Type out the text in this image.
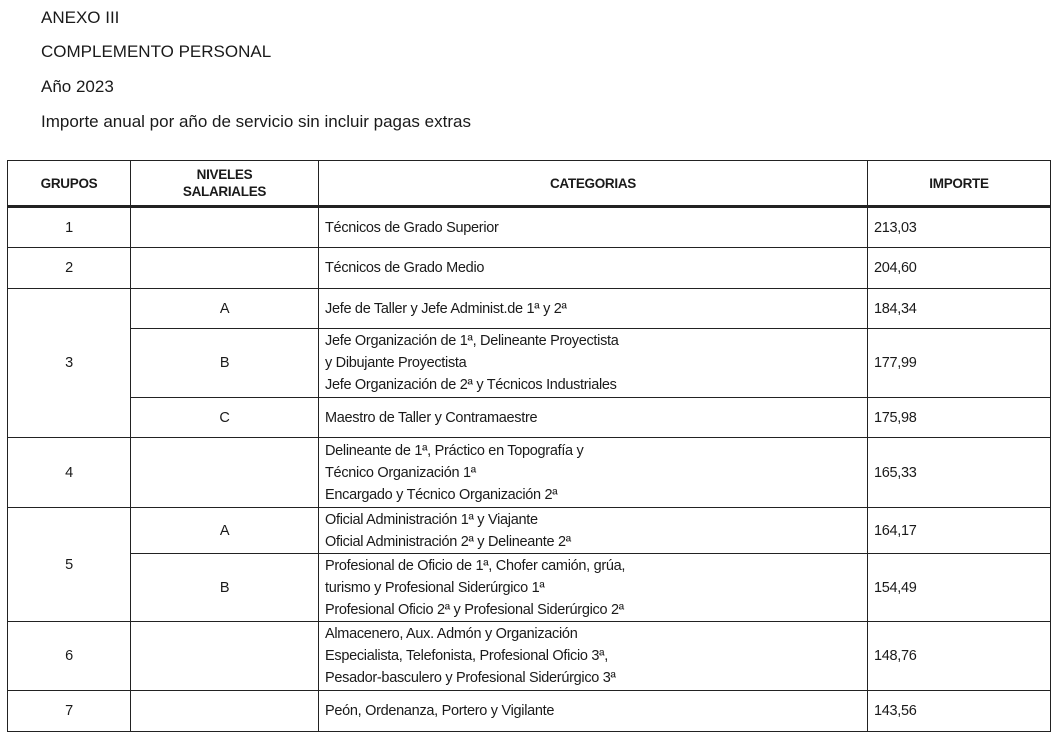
ANEXO III
COMPLEMENTO PERSONAL
Año 2023
Importe anual por año de servicio sin incluir pagas extras
GRUPOS	NIVELES
SALARIALES	CATEGORIAS	IMPORTE
1		Técnicos de Grado Superior	213,03
2		Técnicos de Grado Medio	204,60
3	A	Jefe de Taller y Jefe Administ.de 1ª y 2ª	184,34
	B	Jefe Organización de 1ª, Delineante Proyectista
y Dibujante Proyectista
Jefe Organización de 2ª y Técnicos Industriales	177,99
	C	Maestro de Taller y Contramaestre	175,98
4		Delineante de 1ª, Práctico en Topografía y
Técnico Organización 1ª
Encargado y Técnico Organización 2ª	165,33
5	A	Oficial Administración 1ª y Viajante
Oficial Administración 2ª y Delineante 2ª	164,17
	B	Profesional de Oficio de 1ª, Chofer camión, grúa,
turismo y Profesional Siderúrgico 1ª
Profesional Oficio 2ª y Profesional Siderúrgico 2ª	154,49
6		Almacenero, Aux. Admón y Organización
Especialista, Telefonista, Profesional Oficio 3ª,
Pesador-basculero y Profesional Siderúrgico 3ª	148,76
7		Peón, Ordenanza, Portero y Vigilante	143,56
